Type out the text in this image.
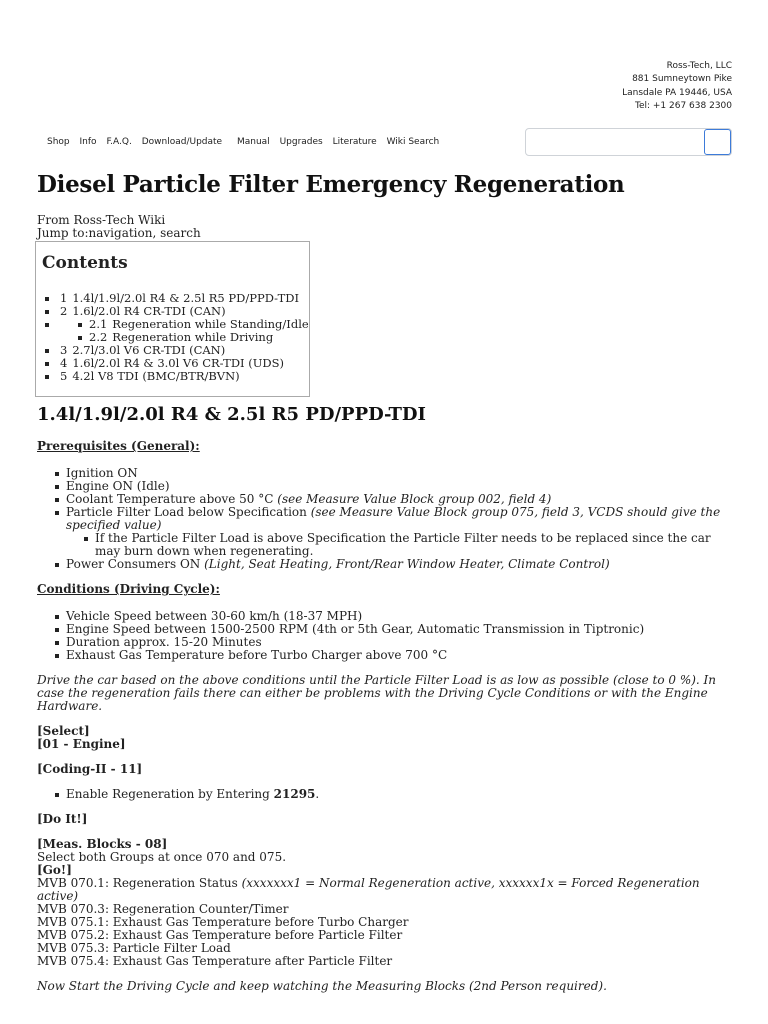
Ross-Tech, LLC
881 Sumneytown Pike
Lansdale PA 19446, USA
Tel: +1 267 638 2300
Shop Info F.A.Q. Download/Update Manual Upgrades Literature Wiki Search
Diesel Particle Filter Emergency Regeneration
From Ross-Tech Wiki
Jump to:navigation, search
Contents
1 1.4l/1.9l/2.0l R4 & 2.5l R5 PD/PPD-TDI
2 1.6l/2.0l R4 CR-TDI (CAN)
2.1 Regeneration while Standing/Idle
2.2 Regeneration while Driving
3 2.7l/3.0l V6 CR-TDI (CAN)
4 1.6l/2.0l R4 & 3.0l V6 CR-TDI (UDS)
5 4.2l V8 TDI (BMC/BTR/BVN)
1.4l/1.9l/2.0l R4 & 2.5l R5 PD/PPD-TDI
Prerequisites (General):
Ignition ON
Engine ON (Idle)
Coolant Temperature above 50 °C (see Measure Value Block group 002, field 4)
Particle Filter Load below Specification (see Measure Value Block group 075, field 3, VCDS should give the specified value)
If the Particle Filter Load is above Specification the Particle Filter needs to be replaced since the car may burn down when regenerating.
Power Consumers ON (Light, Seat Heating, Front/Rear Window Heater, Climate Control)
Conditions (Driving Cycle):
Vehicle Speed between 30-60 km/h (18-37 MPH)
Engine Speed between 1500-2500 RPM (4th or 5th Gear, Automatic Transmission in Tiptronic)
Duration approx. 15-20 Minutes
Exhaust Gas Temperature before Turbo Charger above 700 °C
Drive the car based on the above conditions until the Particle Filter Load is as low as possible (close to 0 %). In case the regeneration fails there can either be problems with the Driving Cycle Conditions or with the Engine Hardware.
[Select]
[01 - Engine]
[Coding-II - 11]
Enable Regeneration by Entering 21295.
[Do It!]
[Meas. Blocks - 08]
Select both Groups at once 070 and 075.
[Go!]
MVB 070.1: Regeneration Status (xxxxxxx1 = Normal Regeneration active, xxxxxx1x = Forced Regeneration active)
MVB 070.3: Regeneration Counter/Timer
MVB 075.1: Exhaust Gas Temperature before Turbo Charger
MVB 075.2: Exhaust Gas Temperature before Particle Filter
MVB 075.3: Particle Filter Load
MVB 075.4: Exhaust Gas Temperature after Particle Filter
Now Start the Driving Cycle and keep watching the Measuring Blocks (2nd Person required).
